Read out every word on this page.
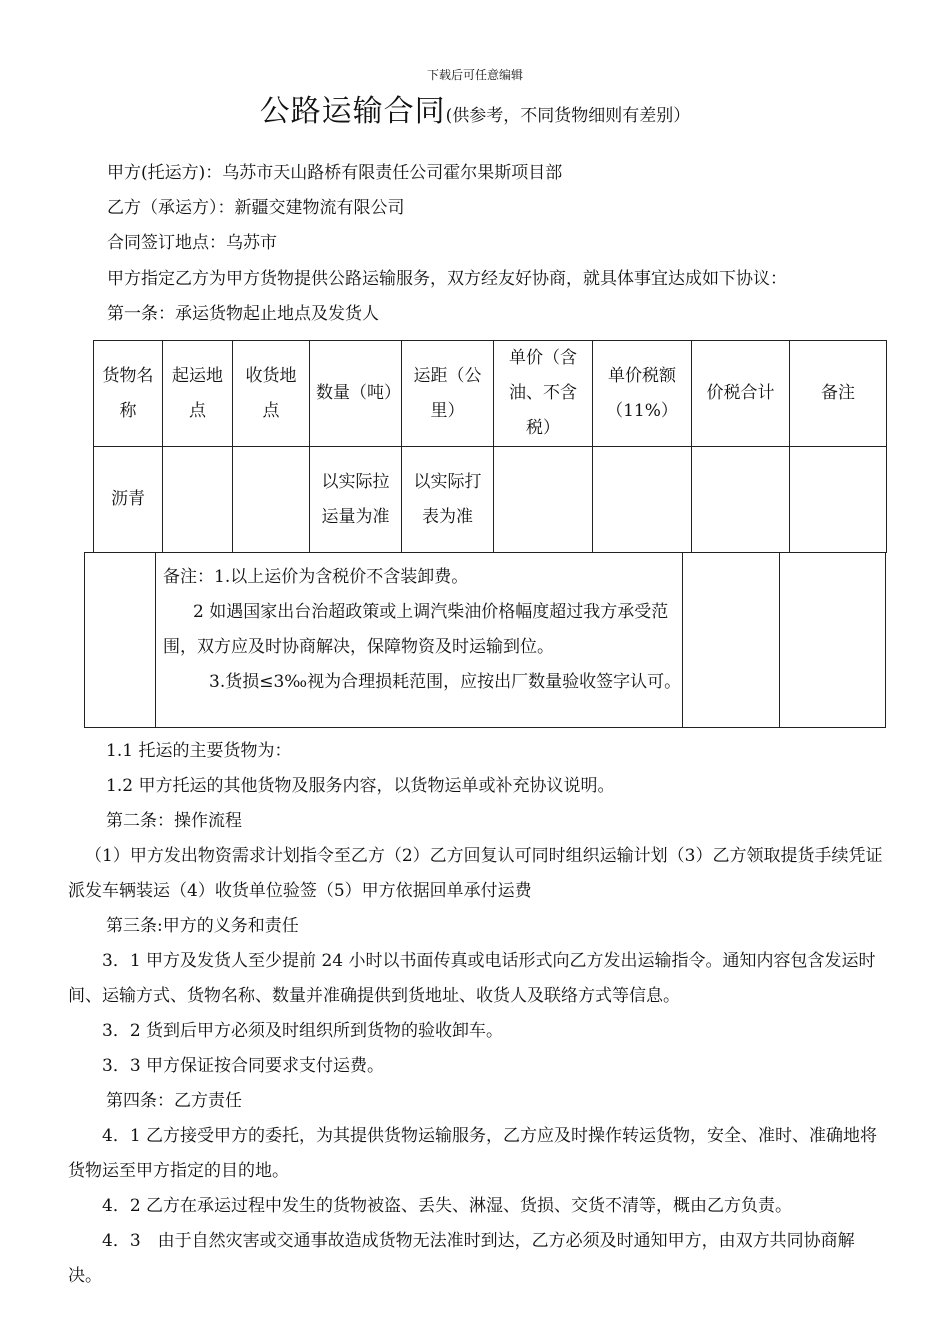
下载后可任意编辑
公路运输合同(供参考，不同货物细则有差别）
甲方(托运方)：乌苏市天山路桥有限责任公司霍尔果斯项目部
乙方（承运方）：新疆交建物流有限公司
合同签订地点：乌苏市
甲方指定乙方为甲方货物提供公路运输服务，双方经友好协商，就具体事宜达成如下协议：
第一条：承运货物起止地点及发货人
货物名称	起运地点	收货地点	数量（吨）	运距（公里）	单价（含油、不含税）	单价税额（11%）	价税合计	备注
沥青			以实际拉运量为准	以实际打表为准				

备注：1.以上运价为含税价不含装卸费。

2 如遇国家出台治超政策或上调汽柴油价格幅度超过我方承受范围，双方应及时协商解决，保障物资及时运输到位。

3.货损≤3‰视为合理损耗范围，应按出厂数量验收签字认可。

1.1 托运的主要货物为：

1.2 甲方托运的其他货物及服务内容，以货物运单或补充协议说明。

第二条：操作流程

（1）甲方发出物资需求计划指令至乙方（2）乙方回复认可同时组织运输计划（3）乙方领取提货手续凭证派发车辆装运（4）收货单位验签（5）甲方依据回单承付运费

第三条:甲方的义务和责任

3．1 甲方及发货人至少提前 24 小时以书面传真或电话形式向乙方发出运输指令。通知内容包含发运时间、运输方式、货物名称、数量并准确提供到货地址、收货人及联络方式等信息。

3．2 货到后甲方必须及时组织所到货物的验收卸车。

3．3 甲方保证按合同要求支付运费。

第四条：乙方责任

4．1 乙方接受甲方的委托，为其提供货物运输服务，乙方应及时操作转运货物，安全、准时、准确地将货物运至甲方指定的目的地。

4．2 乙方在承运过程中发生的货物被盗、丢失、淋湿、货损、交货不清等，概由乙方负责。

4．3　由于自然灾害或交通事故造成货物无法准时到达，乙方必须及时通知甲方，由双方共同协商解决。
